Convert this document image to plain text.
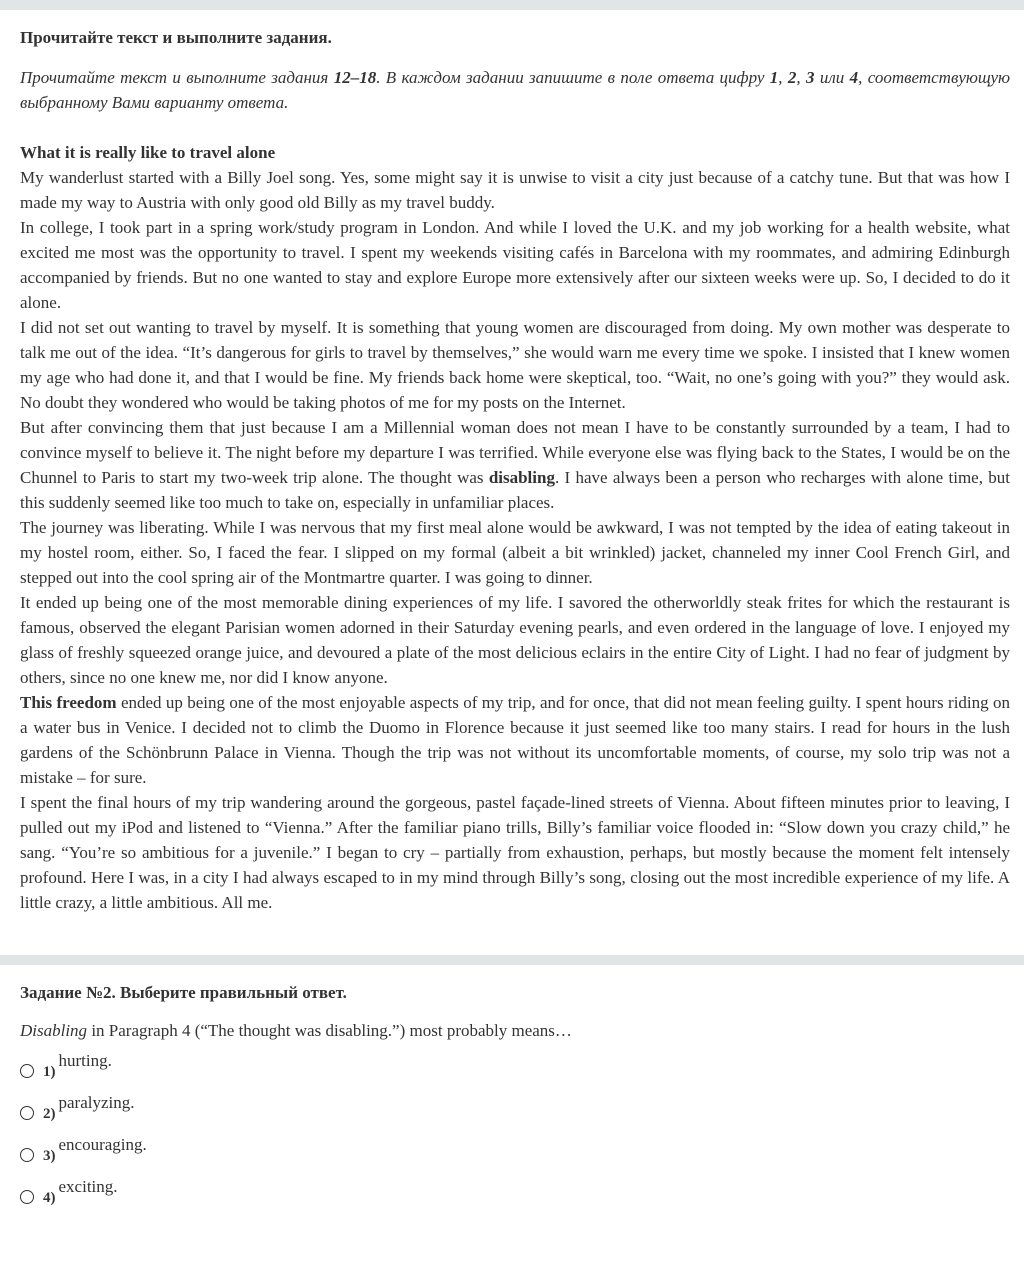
Прочитайте текст и выполните задания.
Прочитайте текст и выполните задания 12–18. В каждом задании запишите в поле ответа цифру 1, 2, 3 или 4, соответствующую выбранному Вами варианту ответа.
What it is really like to travel alone

My wanderlust started with a Billy Joel song. Yes, some might say it is unwise to visit a city just because of a catchy tune. But that was how I made my way to Austria with only good old Billy as my travel buddy.

In college, I took part in a spring work/study program in London. And while I loved the U.K. and my job working for a health website, what excited me most was the opportunity to travel. I spent my weekends visiting cafés in Barcelona with my roommates, and admiring Edinburgh accompanied by friends. But no one wanted to stay and explore Europe more extensively after our sixteen weeks were up. So, I decided to do it alone.

I did not set out wanting to travel by myself. It is something that young women are discouraged from doing. My own mother was desperate to talk me out of the idea. “It’s dangerous for girls to travel by themselves,” she would warn me every time we spoke. I insisted that I knew women my age who had done it, and that I would be fine. My friends back home were skeptical, too. “Wait, no one’s going with you?” they would ask. No doubt they wondered who would be taking photos of me for my posts on the Internet.

But after convincing them that just because I am a Millennial woman does not mean I have to be constantly surrounded by a team, I had to convince myself to believe it. The night before my departure I was terrified. While everyone else was flying back to the States, I would be on the Chunnel to Paris to start my two-week trip alone. The thought was disabling. I have always been a person who recharges with alone time, but this suddenly seemed like too much to take on, especially in unfamiliar places.

The journey was liberating. While I was nervous that my first meal alone would be awkward, I was not tempted by the idea of eating takeout in my hostel room, either. So, I faced the fear. I slipped on my formal (albeit a bit wrinkled) jacket, channeled my inner Cool French Girl, and stepped out into the cool spring air of the Montmartre quarter. I was going to dinner.

It ended up being one of the most memorable dining experiences of my life. I savored the otherworldly steak frites for which the restaurant is famous, observed the elegant Parisian women adorned in their Saturday evening pearls, and even ordered in the language of love. I enjoyed my glass of freshly squeezed orange juice, and devoured a plate of the most delicious eclairs in the entire City of Light. I had no fear of judgment by others, since no one knew me, nor did I know anyone.

This freedom ended up being one of the most enjoyable aspects of my trip, and for once, that did not mean feeling guilty. I spent hours riding on a water bus in Venice. I decided not to climb the Duomo in Florence because it just seemed like too many stairs. I read for hours in the lush gardens of the Schönbrunn Palace in Vienna. Though the trip was not without its uncomfortable moments, of course, my solo trip was not a mistake – for sure.

I spent the final hours of my trip wandering around the gorgeous, pastel façade-lined streets of Vienna. About fifteen minutes prior to leaving, I pulled out my iPod and listened to “Vienna.” After the familiar piano trills, Billy’s familiar voice flooded in: “Slow down you crazy child,” he sang. “You’re so ambitious for a juvenile.” I began to cry – partially from exhaustion, perhaps, but mostly because the moment felt intensely profound. Here I was, in a city I had always escaped to in my mind through Billy’s song, closing out the most incredible experience of my life. A little crazy, a little ambitious. All me.

Задание №2. Выберите правильный ответ.
Disabling in Paragraph 4 (“The thought was disabling.”) most probably means…
1)
hurting.
2)
paralyzing.
3)
encouraging.
4)
exciting.
